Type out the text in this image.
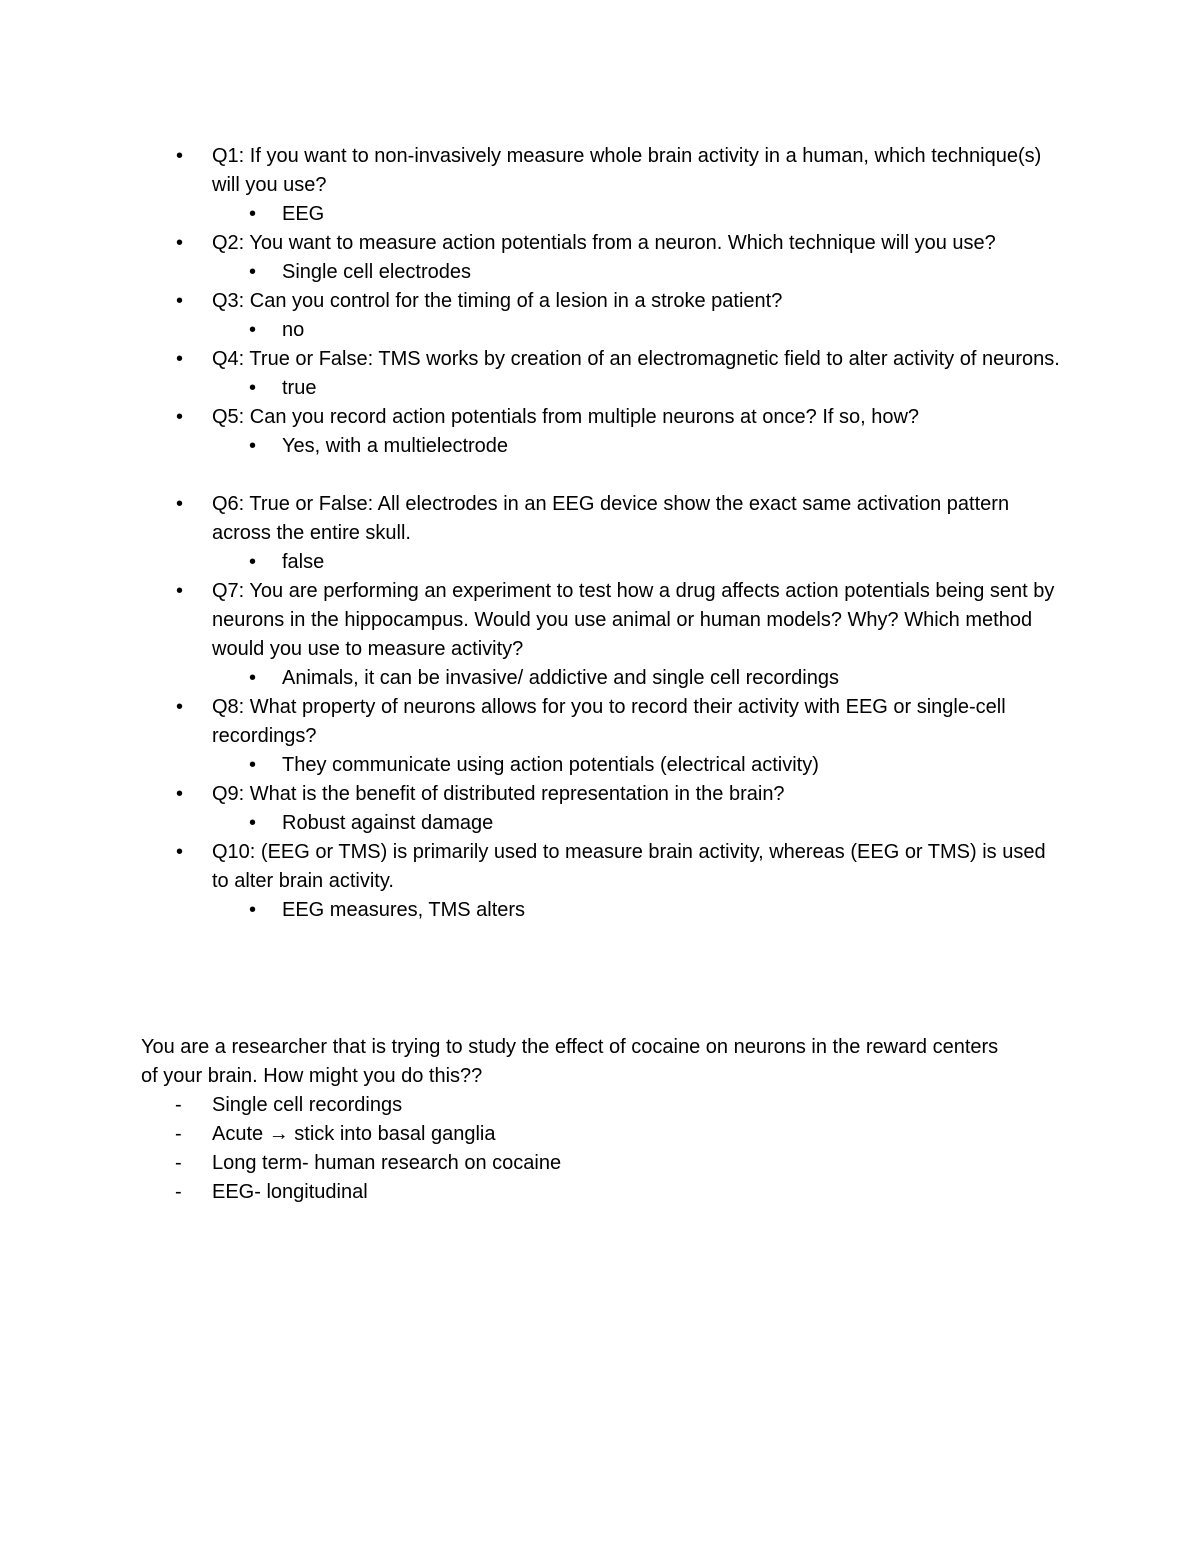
• Q1: If you want to non-invasively measure whole brain activity in a human, which technique(s) will you use?
• EEG
• Q2: You want to measure action potentials from a neuron. Which technique will you use?
• Single cell electrodes
• Q3: Can you control for the timing of a lesion in a stroke patient?
• no
• Q4: True or False: TMS works by creation of an electromagnetic field to alter activity of neurons.
• true
• Q5: Can you record action potentials from multiple neurons at once? If so, how?
• Yes, with a multielectrode
• Q6: True or False: All electrodes in an EEG device show the exact same activation pattern across the entire skull.
• false
• Q7: You are performing an experiment to test how a drug affects action potentials being sent by neurons in the hippocampus. Would you use animal or human models? Why? Which method would you use to measure activity?
• Animals, it can be invasive/ addictive and single cell recordings
• Q8: What property of neurons allows for you to record their activity with EEG or single-cell recordings?
• They communicate using action potentials (electrical activity)
• Q9: What is the benefit of distributed representation in the brain?
• Robust against damage
• Q10: (EEG or TMS) is primarily used to measure brain activity, whereas (EEG or TMS) is used to alter brain activity.
• EEG measures, TMS alters
You are a researcher that is trying to study the effect of cocaine on neurons in the reward centers of your brain. How might you do this??
- Single cell recordings
- Acute → stick into basal ganglia
- Long term- human research on cocaine
- EEG- longitudinal
